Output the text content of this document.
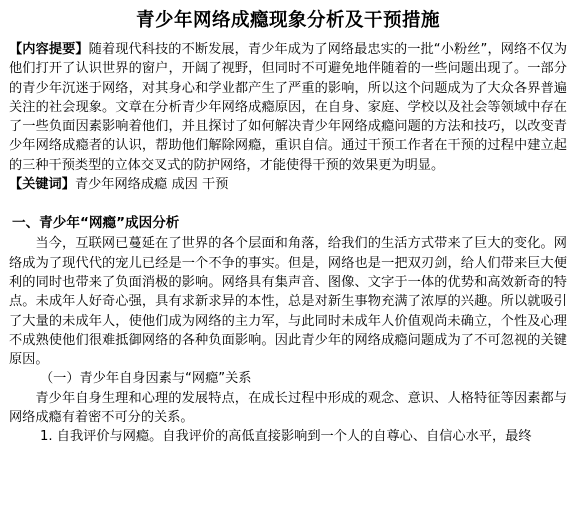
青少年网络成瘾现象分析及干预措施

【内容提要】随着现代科技的不断发展，青少年成为了网络最忠实的一批“小粉丝”，网络不仅为他们打开了认识世界的窗户，开阔了视野，但同时不可避免地伴随着的一些问题出现了。一部分的青少年沉迷于网络，对其身心和学业都产生了严重的影响，所以这个问题成为了大众各界普遍关注的社会现象。文章在分析青少年网络成瘾原因，在自身、家庭、学校以及社会等领域中存在了一些负面因素影响着他们，并且探讨了如何解决青少年网络成瘾问题的方法和技巧，以改变青少年网络成瘾者的认识，帮助他们解除网瘾，重识自信。通过干预工作者在干预的过程中建立起的三种干预类型的立体交叉式的防护网络，才能使得干预的效果更为明显。

【关键词】青少年网络成瘾 成因 干预

一、青少年“网瘾”成因分析

当今，互联网已蔓延在了世界的各个层面和角落，给我们的生活方式带来了巨大的变化。网络成为了现代代的宠儿已经是一个不争的事实。但是，网络也是一把双刃剑，给人们带来巨大便利的同时也带来了负面消极的影响。网络具有集声音、图像、文字于一体的优势和高效新奇的特点。未成年人好奇心强，具有求新求异的本性，总是对新生事物充满了浓厚的兴趣。所以就吸引了大量的未成年人，使他们成为网络的主力军，与此同时未成年人价值观尚未确立，个性及心理不成熟使他们很难抵御网络的各种负面影响。因此青少年的网络成瘾问题成为了不可忽视的关键原因。

（一）青少年自身因素与“网瘾”关系

青少年自身生理和心理的发展特点，在成长过程中形成的观念、意识、人格特征等因素都与网络成瘾有着密不可分的关系。

1. 自我评价与网瘾。自我评价的高低直接影响到一个人的自尊心、自信心水平，最终
